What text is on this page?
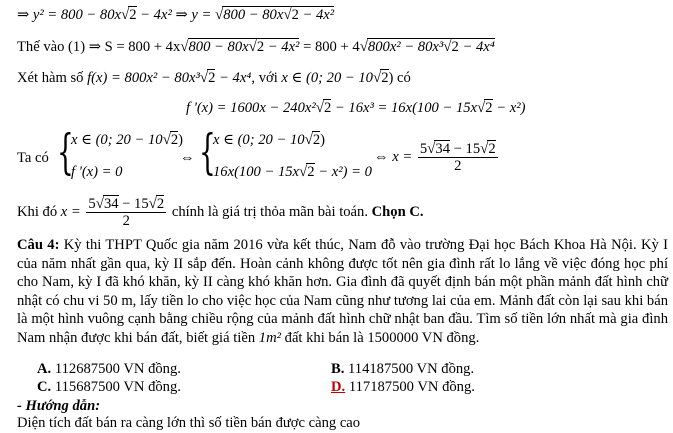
⇒ y² = 800 − 80x√2 − 4x² ⇒ y = √800 − 80x√2 − 4x²
Thế vào (1) ⇒ S = 800 + 4x√800 − 80x√2 − 4x² = 800 + 4√800x² − 80x³√2 − 4x⁴
Xét hàm số f(x) = 800x² − 80x³√2 − 4x⁴, với x ∈ (0; 20 − 10√2) có
f '(x) = 1600x − 240x²√2 − 16x³ = 16x(100 − 15x√2 − x²)
Ta có {
x ∈ (0; 20 − 10√2)
f '(x) = 0
⇔ {
x ∈ (0; 20 − 10√2)
16x(100 − 15x√2 − x²) = 0
⇔ $x = \frac{5√34 - 15√2}{2}$
Khi đó $x = \frac{5√34 - 15√2}{2}$ chính là giá trị thỏa mãn bài toán. Chọn C.
Câu 4: Kỳ thi THPT Quốc gia năm 2016 vừa kết thúc, Nam đỗ vào trường Đại học Bách Khoa Hà Nội. Kỳ I của năm nhất gần qua, kỳ II sắp đến. Hoàn cảnh không được tốt nên gia đình rất lo lắng về việc đóng học phí cho Nam, kỳ I đã khó khăn, kỳ II càng khó khăn hơn. Gia đình đã quyết định bán một phần mảnh đất hình chữ nhật có chu vi 50 m, lấy tiền lo cho việc học của Nam cũng như tương lai của em. Mảnh đất còn lại sau khi bán là một hình vuông cạnh bằng chiều rộng của mảnh đất hình chữ nhật ban đầu. Tìm số tiền lớn nhất mà gia đình Nam nhận được khi bán đất, biết giá tiền 1m² đất khi bán là 1500000 VN đồng.
A. 112687500 VN đồng.	B. 114187500 VN đồng.
C. 115687500 VN đồng.	D. 117187500 VN đồng.
- Hướng dẫn:
Diện tích đất bán ra càng lớn thì số tiền bán được càng cao
